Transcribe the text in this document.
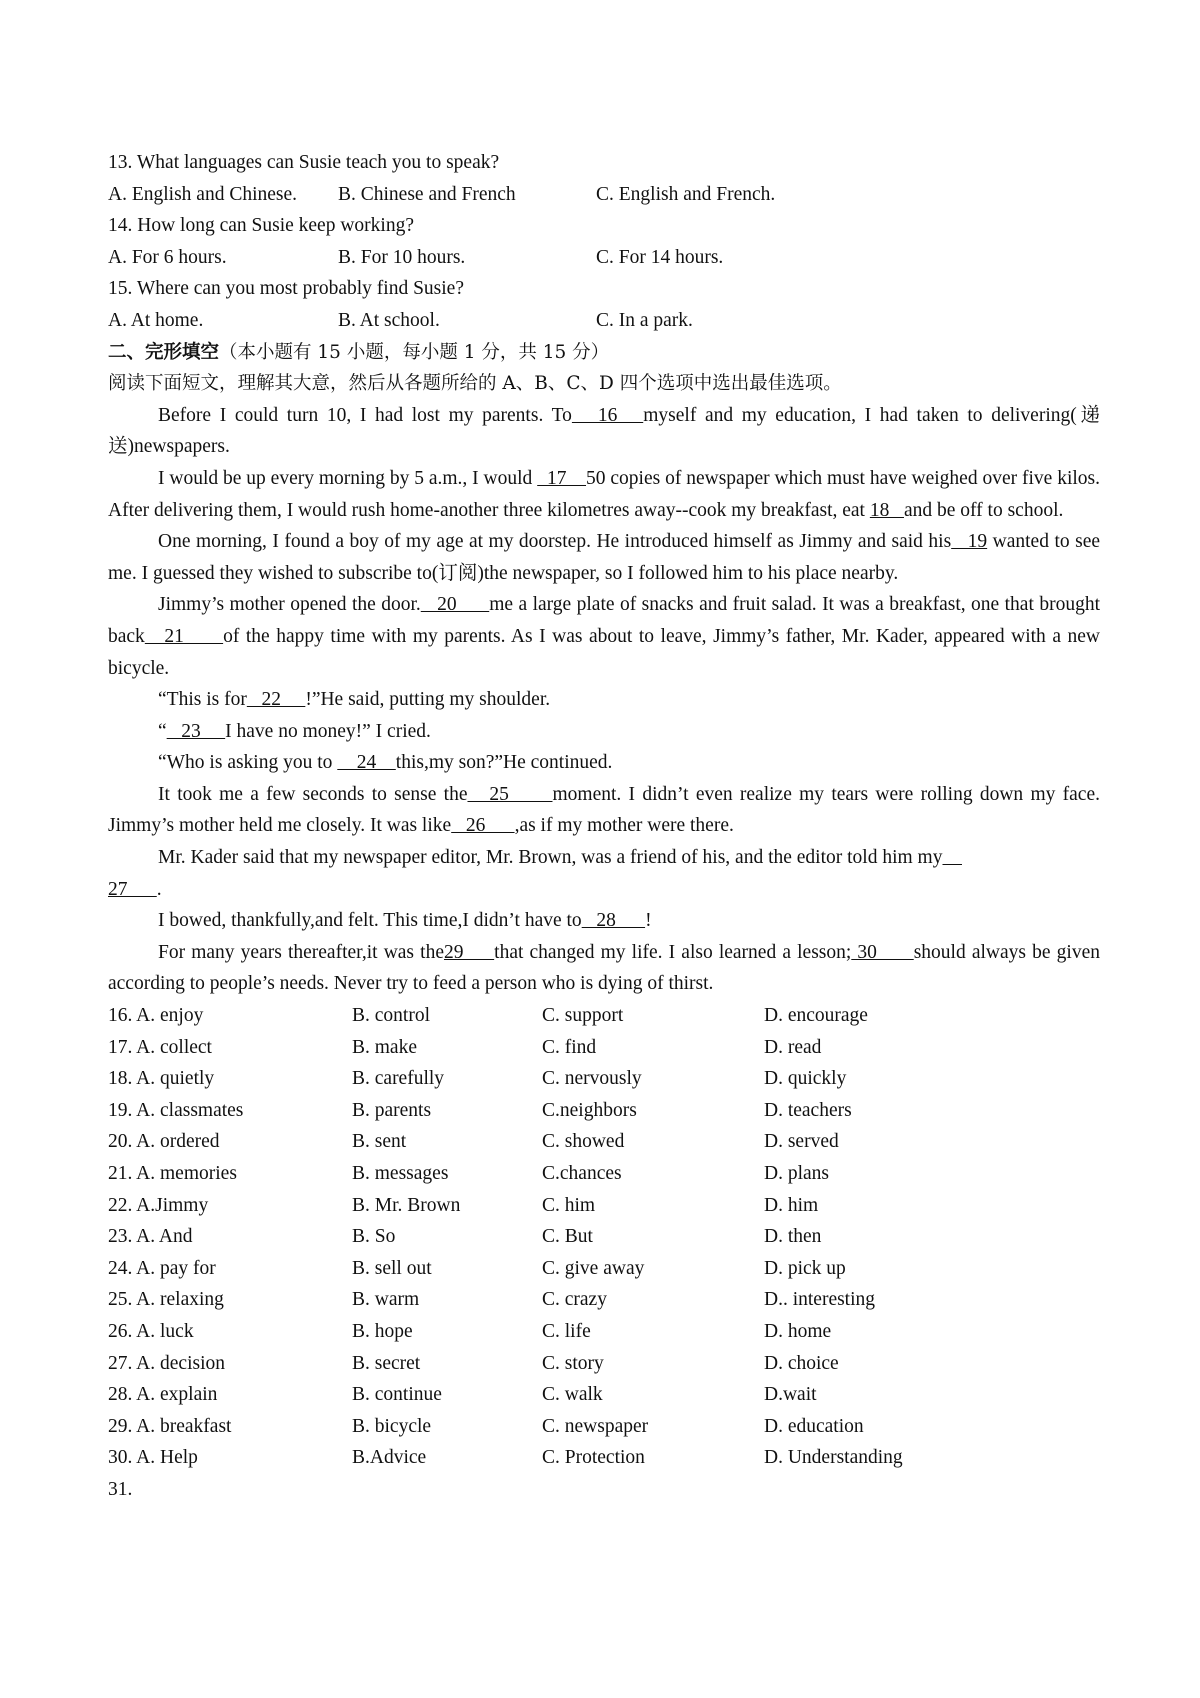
13. What languages can Susie teach you to speak?
A. English and Chinese.	B. Chinese and French	C. English and French.
14. How long can Susie keep working?
A. For 6 hours.	B. For 10 hours.	C. For 14 hours.
15. Where can you most probably find Susie?
A. At home.	B. At school.	C. In a park.
二、完形填空（本小题有 15 小题，每小题 1 分，共 15 分）
阅读下面短文，理解其大意，然后从各题所给的 A、B、C、D 四个选项中选出最佳选项。

Before I could turn 10, I had lost my parents. To   16   myself and my education, I had taken to delivering(递送)newspapers.

I would be up every morning by 5 a.m., I would   17    50 copies of newspaper which must have weighed over five kilos. After delivering them, I would rush home-another three kilometres away--cook my breakfast, eat 18   and be off to school.

One morning, I found a boy of my age at my doorstep. He introduced himself as Jimmy and said his   19 wanted to see me. I guessed they wished to subscribe to(订阅)the newspaper, so I followed him to his place nearby.

Jimmy’s mother opened the door.   20      me a large plate of snacks and fruit salad. It was a breakfast, one that brought back   21      of the happy time with my parents. As I was about to leave, Jimmy’s father, Mr. Kader, appeared with a new bicycle.

“This is for   22     !”He said, putting my shoulder.

“   23     I have no money!” I cried.

“Who is asking you to     24    this,my son?”He continued.

It took me a few seconds to sense the   25      moment. I didn’t even realize my tears were rolling down my face. Jimmy’s mother held me closely. It was like   26      ,as if my mother were there.

Mr. Kader said that my newspaper editor, Mr. Brown, was a friend of his, and the editor told him my

27      .

I bowed, thankfully,and felt. This time,I didn’t have to   28      !

For many years thereafter,it was the29     that changed my life. I also learned a lesson; 30      should always be given according to people’s needs. Never try to feed a person who is dying of thirst.

16. A. enjoy	B. control	C. support	D. encourage
17. A. collect	B. make	C. find	D. read
18. A. quietly	B. carefully	C. nervously	D. quickly
19. A. classmates	B. parents	C.neighbors	D. teachers
20. A. ordered	B. sent	C. showed	D. served
21. A. memories	B. messages	C.chances	D. plans
22. A.Jimmy	B. Mr. Brown	C. him	D. him
23. A. And	B. So	C. But	D. then
24. A. pay for	B. sell out	C. give away	D. pick up
25. A. relaxing	B. warm	C. crazy	D.. interesting
26. A. luck	B. hope	C. life	D. home
27. A. decision	B. secret	C. story	D. choice
28. A. explain	B. continue	C. walk	D.wait
29. A. breakfast	B. bicycle	C. newspaper	D. education
30. A. Help	B.Advice	C. Protection	D. Understanding
31.
